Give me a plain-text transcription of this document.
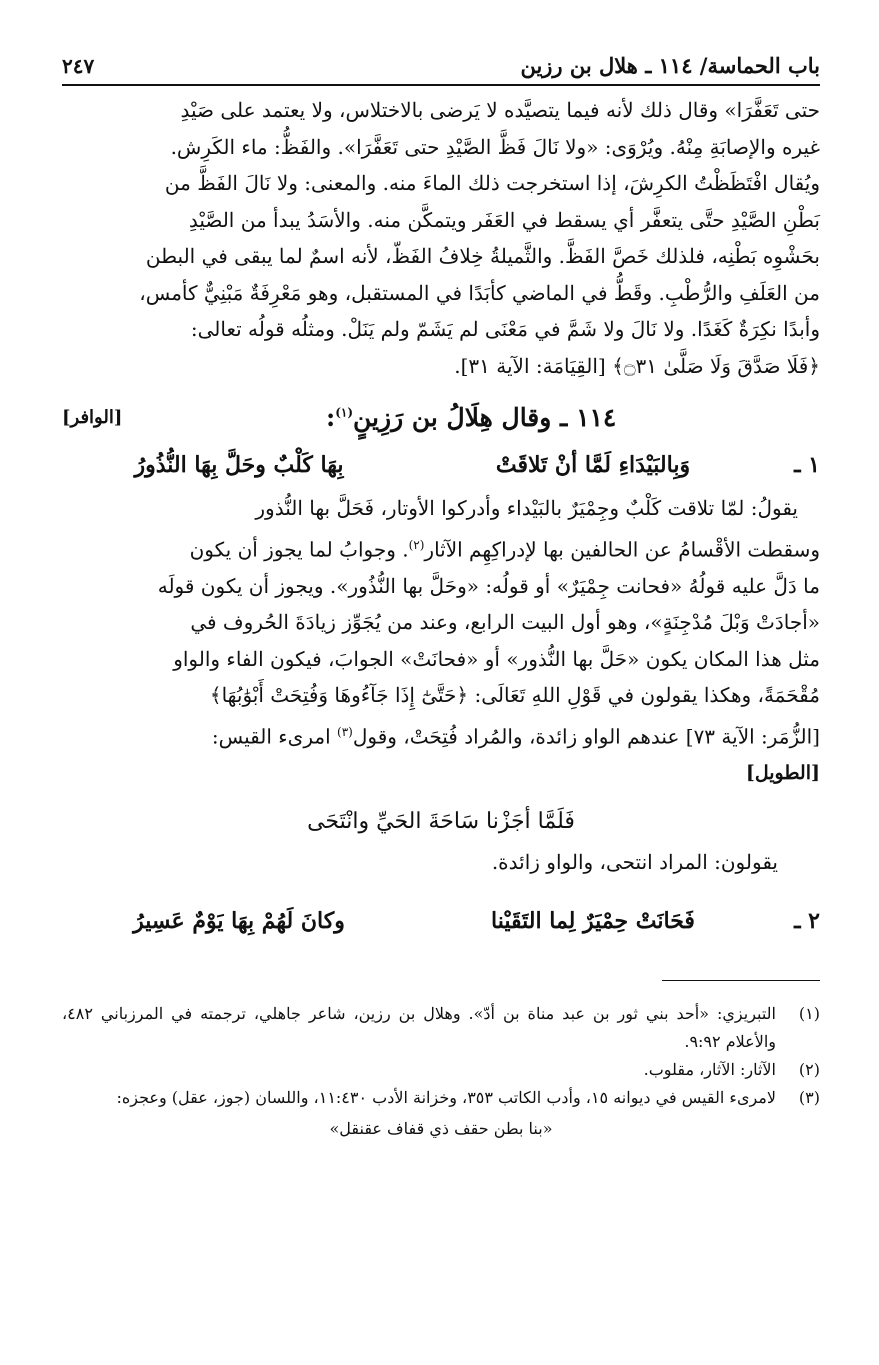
باب الحماسة/ ١١٤ ـ هلال بن رزين
٢٤٧

حتى تَعَفَّرَا» وقال ذلك لأنه فيما يتصيَّده لا يَرضى بالاختلاس، ولا يعتمد على صَيْدِ

غيره والإصابَةِ مِنْهُ. ويُرْوَى: «ولا نَالَ فَظَّ الصَّيْدِ حتى تَعَفَّرَا». والفَظُّ: ماء الكَرِش.

ويُقال افْتَظَظْتُ الكرِشَ، إذا استخرجت ذلك الماءَ منه. والمعنى: ولا نَالَ الفَظَّ من

بَطْنِ الصَّيْدِ حتَّى يتعفَّر أي يسقط في العَفَر ويتمكَّن منه. والأسَدُ يبدأ من الصَّيْدِ

بحَشْوِه بَطْنِه، فلذلك خَصَّ الفَظَّ. والثَّميلةُ خِلافُ الفَظّ، لأنه اسمٌ لما يبقى في البطن

من العَلَفِ والرُّطْبِ. وقَطُّ في الماضي كأبَدًا في المستقبل، وهو مَعْرِفَةٌ مَبْنِيٌّ كأمس،

وأبدًا نكِرَةٌ كَغَدًا. ولا نَالَ ولا شَمَّ في مَعْنَى لم يَشَمّ ولم يَنَلْ. ومثلُه قولُه تعالى:

﴿فَلَا صَدَّقَ وَلَا صَلَّىٰ ۝٣١﴾ [القِيَامَة: الآية ٣١].

١١٤ ـ وقال هِلَالُ بن رَزِينٍ$^{(١)}$:
[الوافر]
١ ـ
وَبِالبَيْدَاءِ لَمَّا أنْ تَلاقَتْ
بِهَا كَلْبٌ وحَلَّ بِهَا النُّذُورُ

يقولُ: لمّا تلاقت كَلْبٌ وجِمْيَرٌ بالبَيْداء وأدركوا الأوتار، فَحَلَّ بها النُّذور

وسقطت الأقْسامُ عن الحالفين بها لإدراكِهِم الآثار$^{(٢)}$. وجوابُ لما يجوز أن يكون

ما دَلَّ عليه قولُهُ «فحانت جِمْيَرٌ» أو قولُه: «وحَلَّ بها النُّذُور». ويجوز أن يكون قولَه

«أجادَتْ وَبْلَ مُدْجِنَةٍ»، وهو أول البيت الرابع، وعند من يُجَوِّز زيادَةَ الحُروف في

مثل هذا المكان يكون «حَلَّ بها النُّذور» أو «فحانَتْ» الجوابَ، فيكون الفاء والواو

مُقْحَمَةً، وهكذا يقولون في قَوْلِ اللهِ تَعَالَى: ﴿حَتَّىٰٓ إِذَا جَآءُوهَا وَفُتِحَتْ أَبْوَٰبُهَا﴾

[الزُّمَر: الآية ٧٣] عندهم الواو زائدة، والمُراد فُتِحَتْ، وقول$^{(٣)}$ امرىء القيس:

[الطويل]

فَلَمَّا أجَزْنا سَاحَةَ الحَيِّ وانْتَحَى
يقولون: المراد انتحى، والواو زائدة.
٢ ـ
فَحَانَتْ حِمْيَرٌ لِما التَقَيْنا
وكانَ لَهُمْ بِهَا يَوْمٌ عَسِيرُ
(١)
التبريزي: «أحد بني ثور بن عبد مناة بن أدّ». وهلال بن رزين، شاعر جاهلي، ترجمته في المرزباني ٤٨٢، والأعلام ٩:٩٢.
(٢)
الآثار: الآثار، مقلوب.
(٣)
لامرىء القيس في ديوانه ١٥، وأدب الكاتب ٣٥٣، وخزانة الأدب ١١:٤٣٠، واللسان (جوز، عقل) وعجزه:
«بنا بطن حقف ذي قفاف عقنقل»
